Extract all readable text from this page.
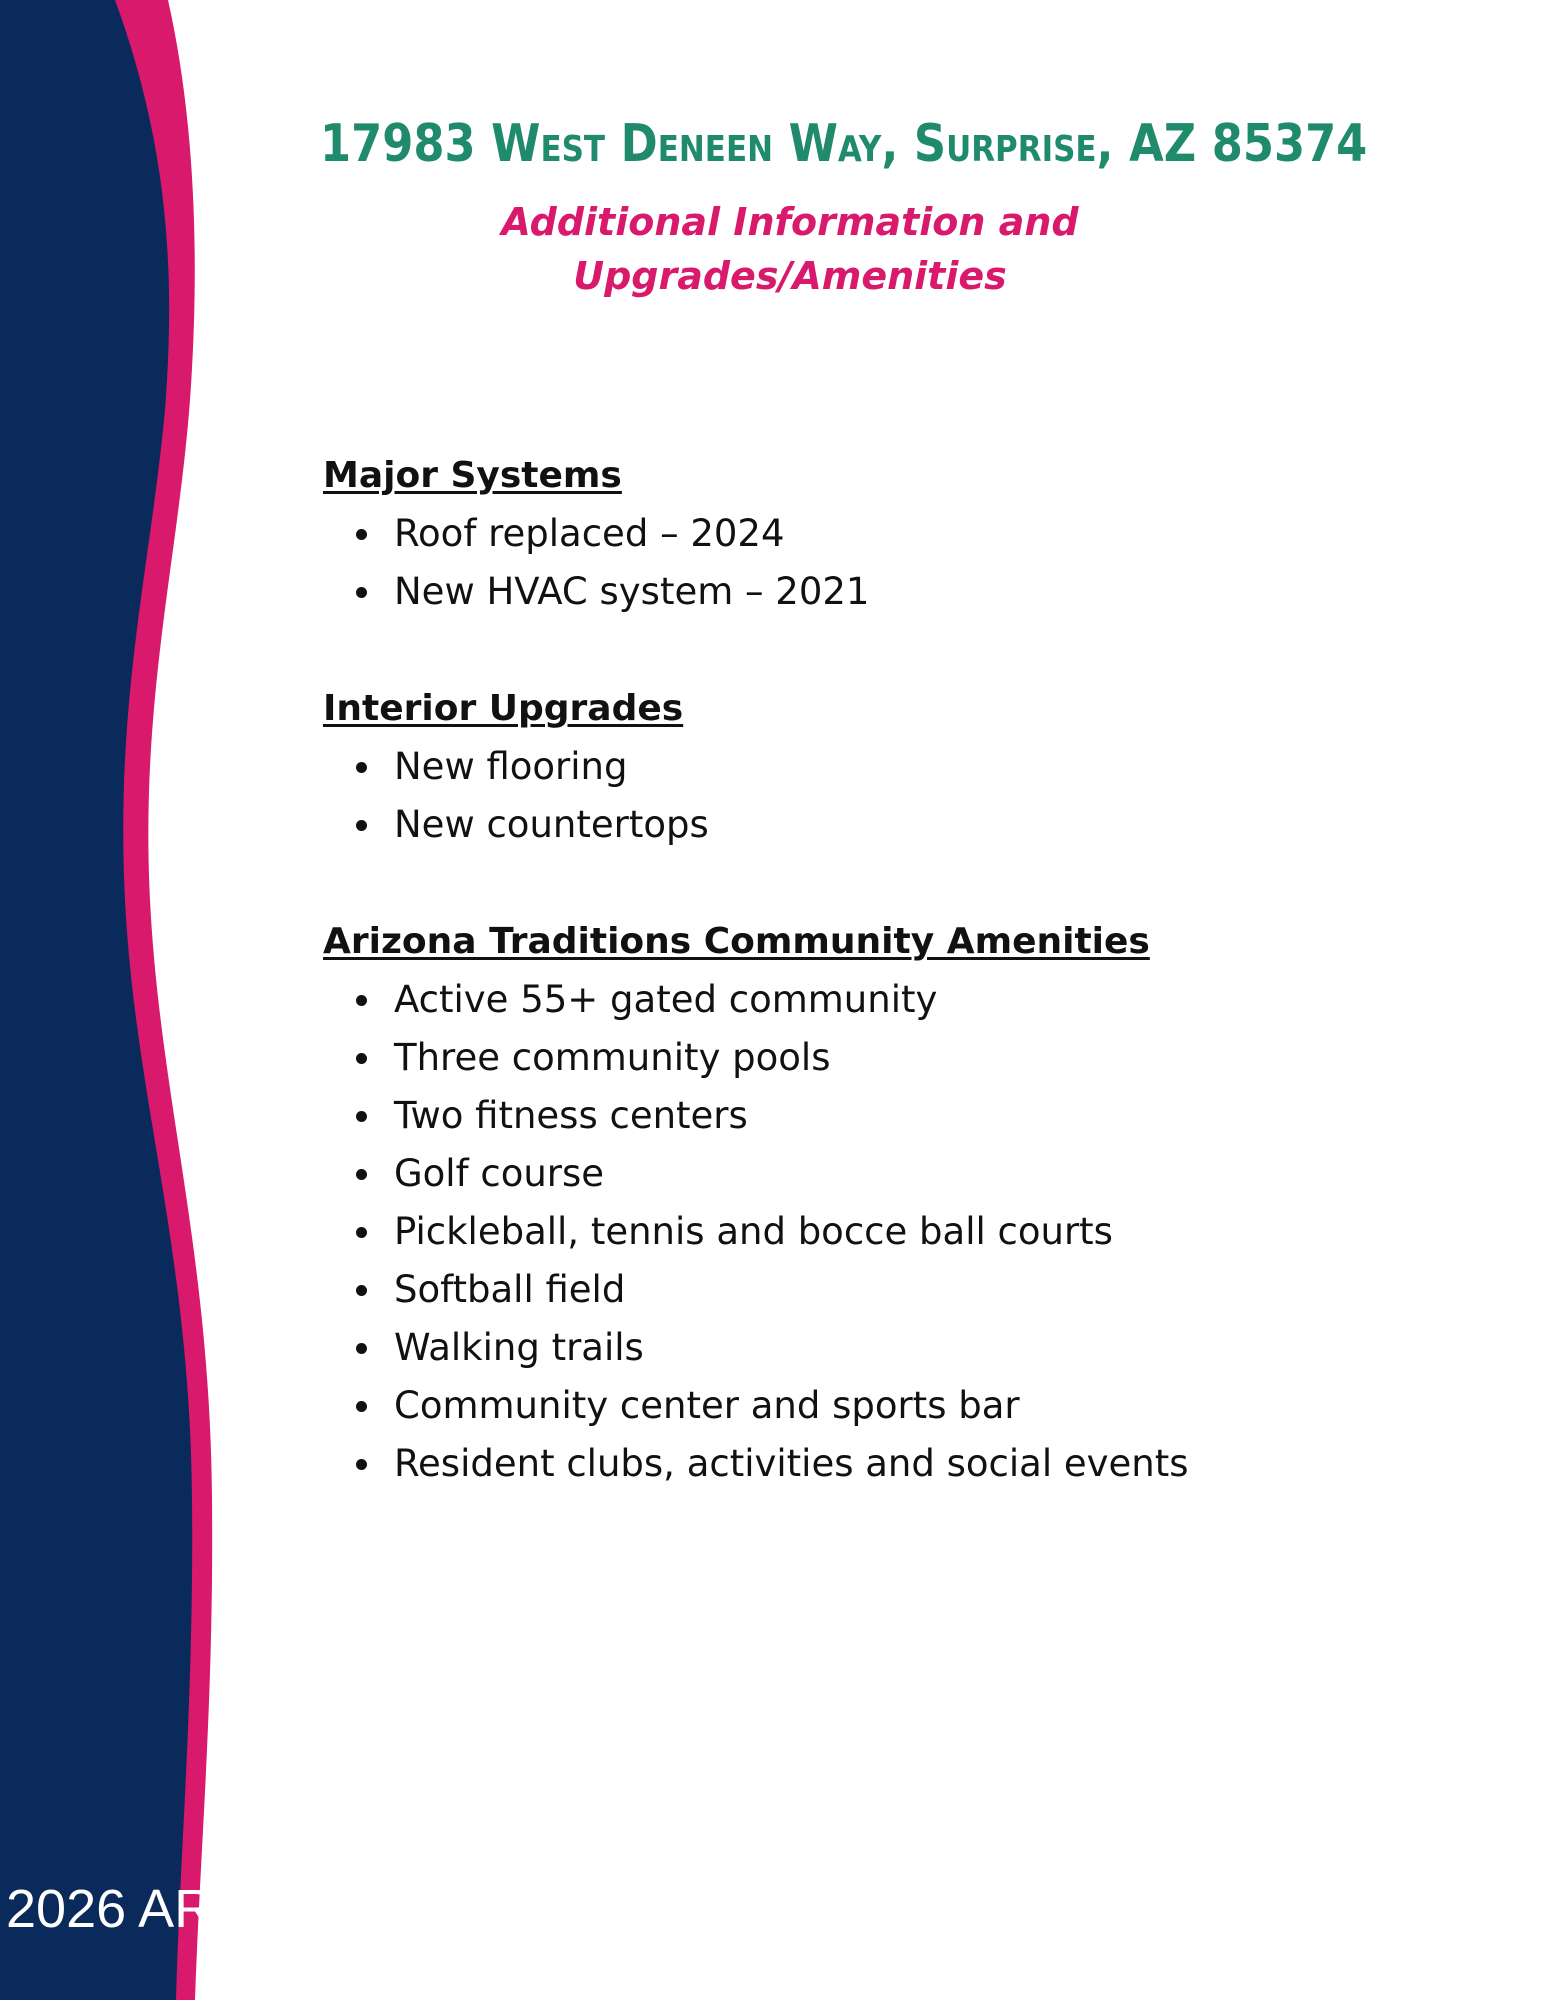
17983 West Deneen Way, Surprise, AZ 85374

Additional Information and Upgrades/Amenities

Major Systems
Roof replaced – 2024
New HVAC system – 2021
Interior Upgrades
New flooring
New countertops
Arizona Traditions Community Amenities
Active 55+ gated community
Three community pools
Two fitness centers
Golf course
Pickleball, tennis and bocce ball courts
Softball field
Walking trails
Community center and sports bar
Resident clubs, activities and social events

2026 ARMLS
